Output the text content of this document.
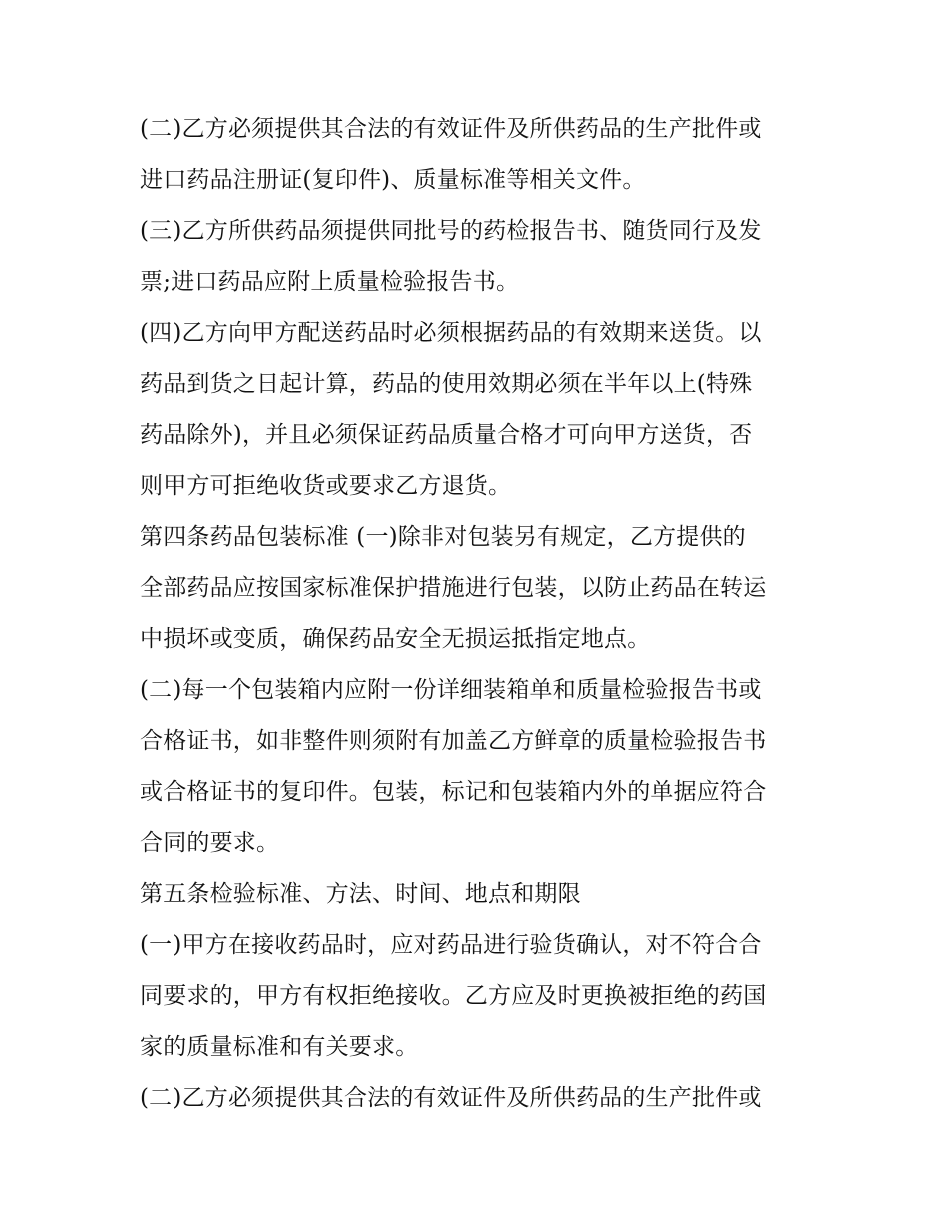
(二)乙方必须提供其合法的有效证件及所供药品的生产批件或
进口药品注册证(复印件)、质量标准等相关文件。
(三)乙方所供药品须提供同批号的药检报告书、随货同行及发
票;进口药品应附上质量检验报告书。
(四)乙方向甲方配送药品时必须根据药品的有效期来送货。以
药品到货之日起计算，药品的使用效期必须在半年以上(特殊
药品除外)，并且必须保证药品质量合格才可向甲方送货，否
则甲方可拒绝收货或要求乙方退货。
第四条药品包装标准 (一)除非对包装另有规定，乙方提供的
全部药品应按国家标准保护措施进行包装，以防止药品在转运
中损坏或变质，确保药品安全无损运抵指定地点。
(二)每一个包装箱内应附一份详细装箱单和质量检验报告书或
合格证书，如非整件则须附有加盖乙方鲜章的质量检验报告书
或合格证书的复印件。包装，标记和包装箱内外的单据应符合
合同的要求。
第五条检验标准、方法、时间、地点和期限
(一)甲方在接收药品时，应对药品进行验货确认，对不符合合
同要求的，甲方有权拒绝接收。乙方应及时更换被拒绝的药国
家的质量标准和有关要求。
(二)乙方必须提供其合法的有效证件及所供药品的生产批件或
